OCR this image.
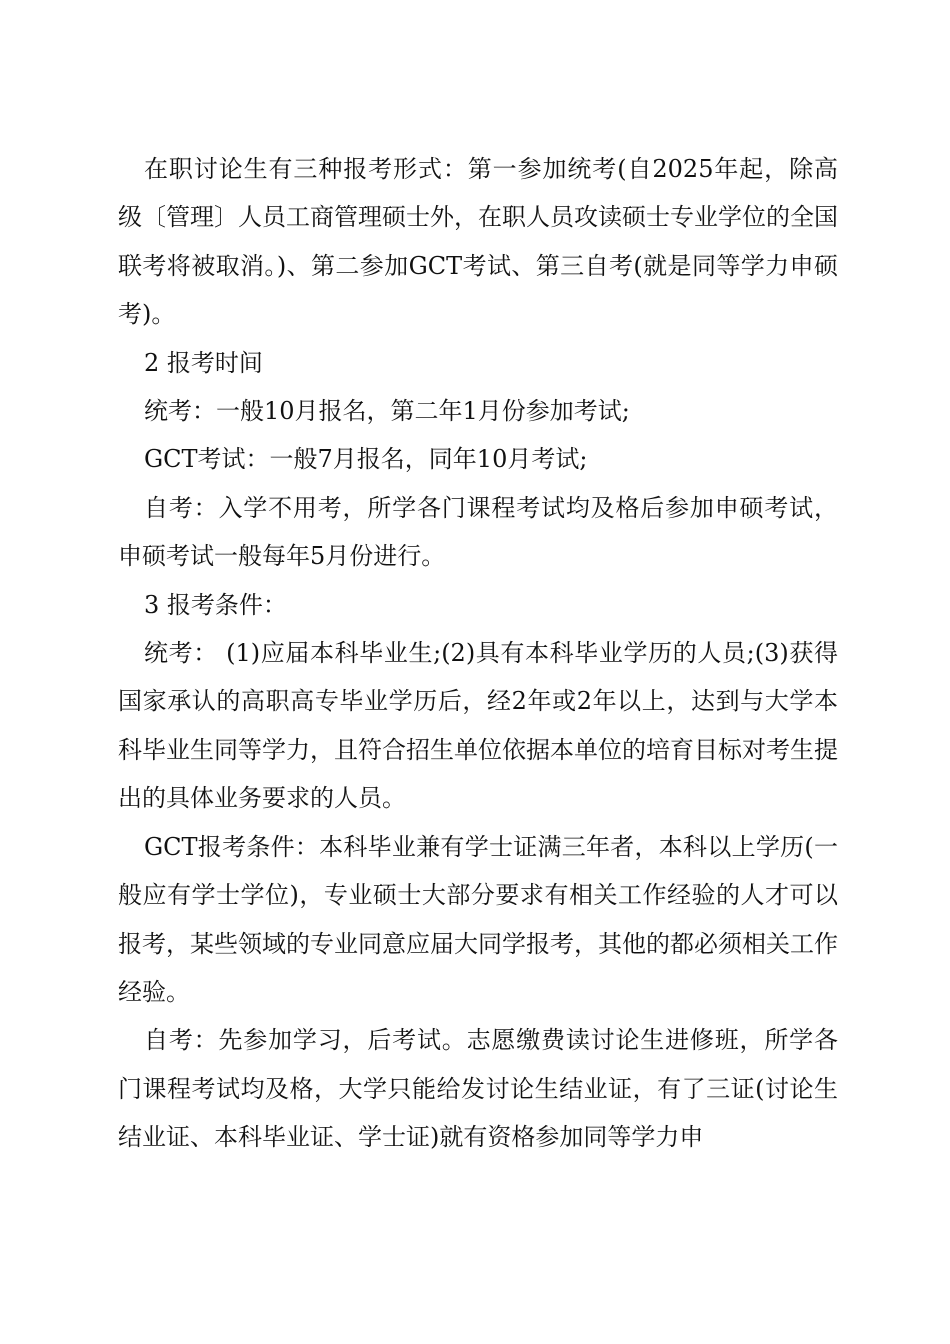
在职讨论生有三种报考形式：第一参加统考(自2025年起，除高级〔管理〕人员工商管理硕士外，在职人员攻读硕士专业学位的全国联考将被取消。)、第二参加GCT考试、第三自考(就是同等学力申硕考)。

2 报考时间

统考：一般10月报名，第二年1月份参加考试;

GCT考试：一般7月报名，同年10月考试;

自考：入学不用考，所学各门课程考试均及格后参加申硕考试，申硕考试一般每年5月份进行。

3 报考条件：

统考： (1)应届本科毕业生;(2)具有本科毕业学历的人员;(3)获得国家承认的高职高专毕业学历后，经2年或2年以上，达到与大学本科毕业生同等学力，且符合招生单位依据本单位的培育目标对考生提出的具体业务要求的人员。

GCT报考条件：本科毕业兼有学士证满三年者，本科以上学历(一般应有学士学位)，专业硕士大部分要求有相关工作经验的人才可以报考，某些领域的专业同意应届大同学报考，其他的都必须相关工作经验。

自考：先参加学习，后考试。志愿缴费读讨论生进修班，所学各门课程考试均及格，大学只能给发讨论生结业证，有了三证(讨论生结业证、本科毕业证、学士证)就有资格参加同等学力申
